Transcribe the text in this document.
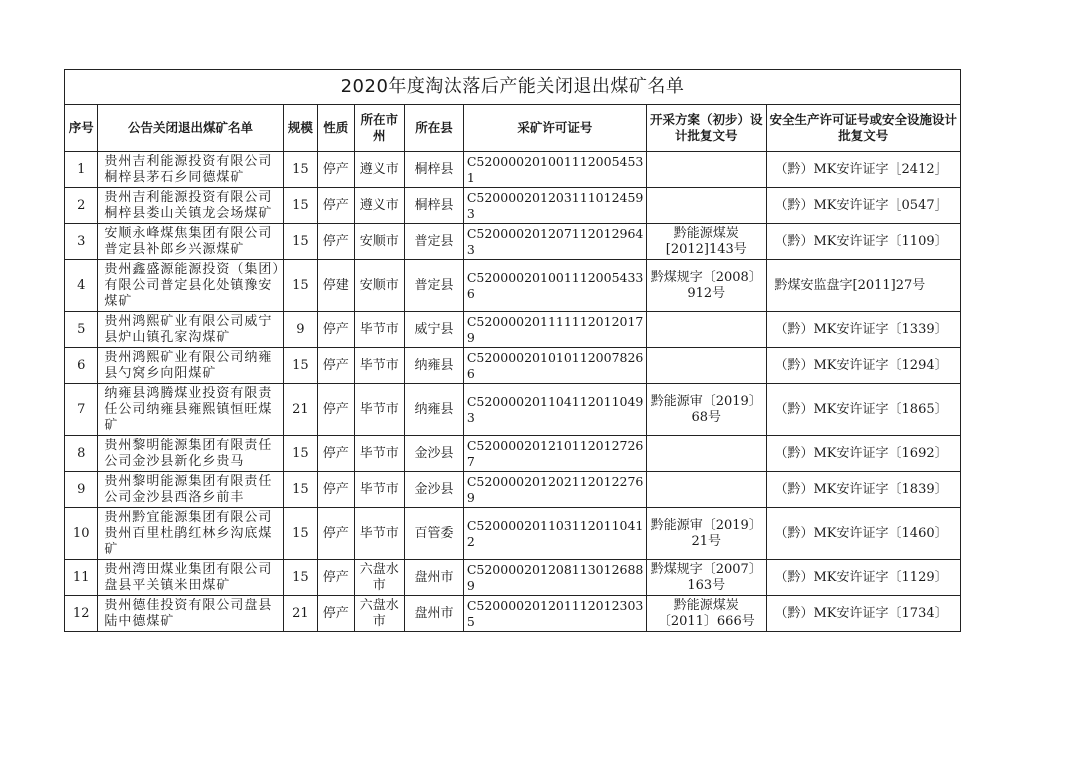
2020年度淘汰落后产能关闭退出煤矿名单								
序号	公告关闭退出煤矿名单	规模	性质	所在市州	所在县	采矿许可证号	开采方案（初步）设计批复文号	安全生产许可证号或安全设施设计批复文号

1	贵州吉利能源投资有限公司桐梓县茅石乡同德煤矿	15	停产	遵义市	桐梓县	C5200002010011120054531		（黔）MK安许证字［2412］

2	贵州吉利能源投资有限公司桐梓县娄山关镇龙会场煤矿	15	停产	遵义市	桐梓县	C5200002012031110124593		（黔）MK安许证字［0547］

3	安顺永峰煤焦集团有限公司普定县补郎乡兴源煤矿	15	停产	安顺市	普定县	C5200002012071120129643	黔能源煤炭[2012]143号	（黔）MK安许证字〔1109〕

4	贵州鑫盛源能源投资（集团）有限公司普定县化处镇豫安煤矿	15	停建	安顺市	普定县	C5200002010011120054336	黔煤规字〔2008〕912号	黔煤安监盘字[2011]27号

5	贵州鸿熙矿业有限公司威宁县炉山镇孔家沟煤矿	9	停产	毕节市	威宁县	C5200002011111120120179		（黔）MK安许证字〔1339〕

6	贵州鸿熙矿业有限公司纳雍县勺窝乡向阳煤矿	15	停产	毕节市	纳雍县	C5200002010101120078266		（黔）MK安许证字〔1294〕

7	纳雍县鸿腾煤业投资有限责任公司纳雍县雍熙镇恒旺煤矿	21	停产	毕节市	纳雍县	C5200002011041120110493	黔能源审〔2019〕68号	（黔）MK安许证字〔1865〕

8	贵州黎明能源集团有限责任公司金沙县新化乡贵马	15	停产	毕节市	金沙县	C5200002012101120127267		（黔）MK安许证字〔1692〕

9	贵州黎明能源集团有限责任公司金沙县西洛乡前丰	15	停产	毕节市	金沙县	C5200002012021120122769		（黔）MK安许证字〔1839〕

10	贵州黔宜能源集团有限公司贵州百里杜鹃红林乡沟底煤矿	15	停产	毕节市	百管委	C5200002011031120110412	黔能源审〔2019〕21号	（黔）MK安许证字〔1460〕

11	贵州湾田煤业集团有限公司盘县平关镇米田煤矿	15	停产	六盘水市	盘州市	C5200002012081130126889	黔煤规字〔2007〕163号	（黔）MK安许证字〔1129〕

12	贵州德佳投资有限公司盘县陆中德煤矿	21	停产	六盘水市	盘州市	C5200002012011120123035	黔能源煤炭〔2011〕666号	（黔）MK安许证字〔1734〕
